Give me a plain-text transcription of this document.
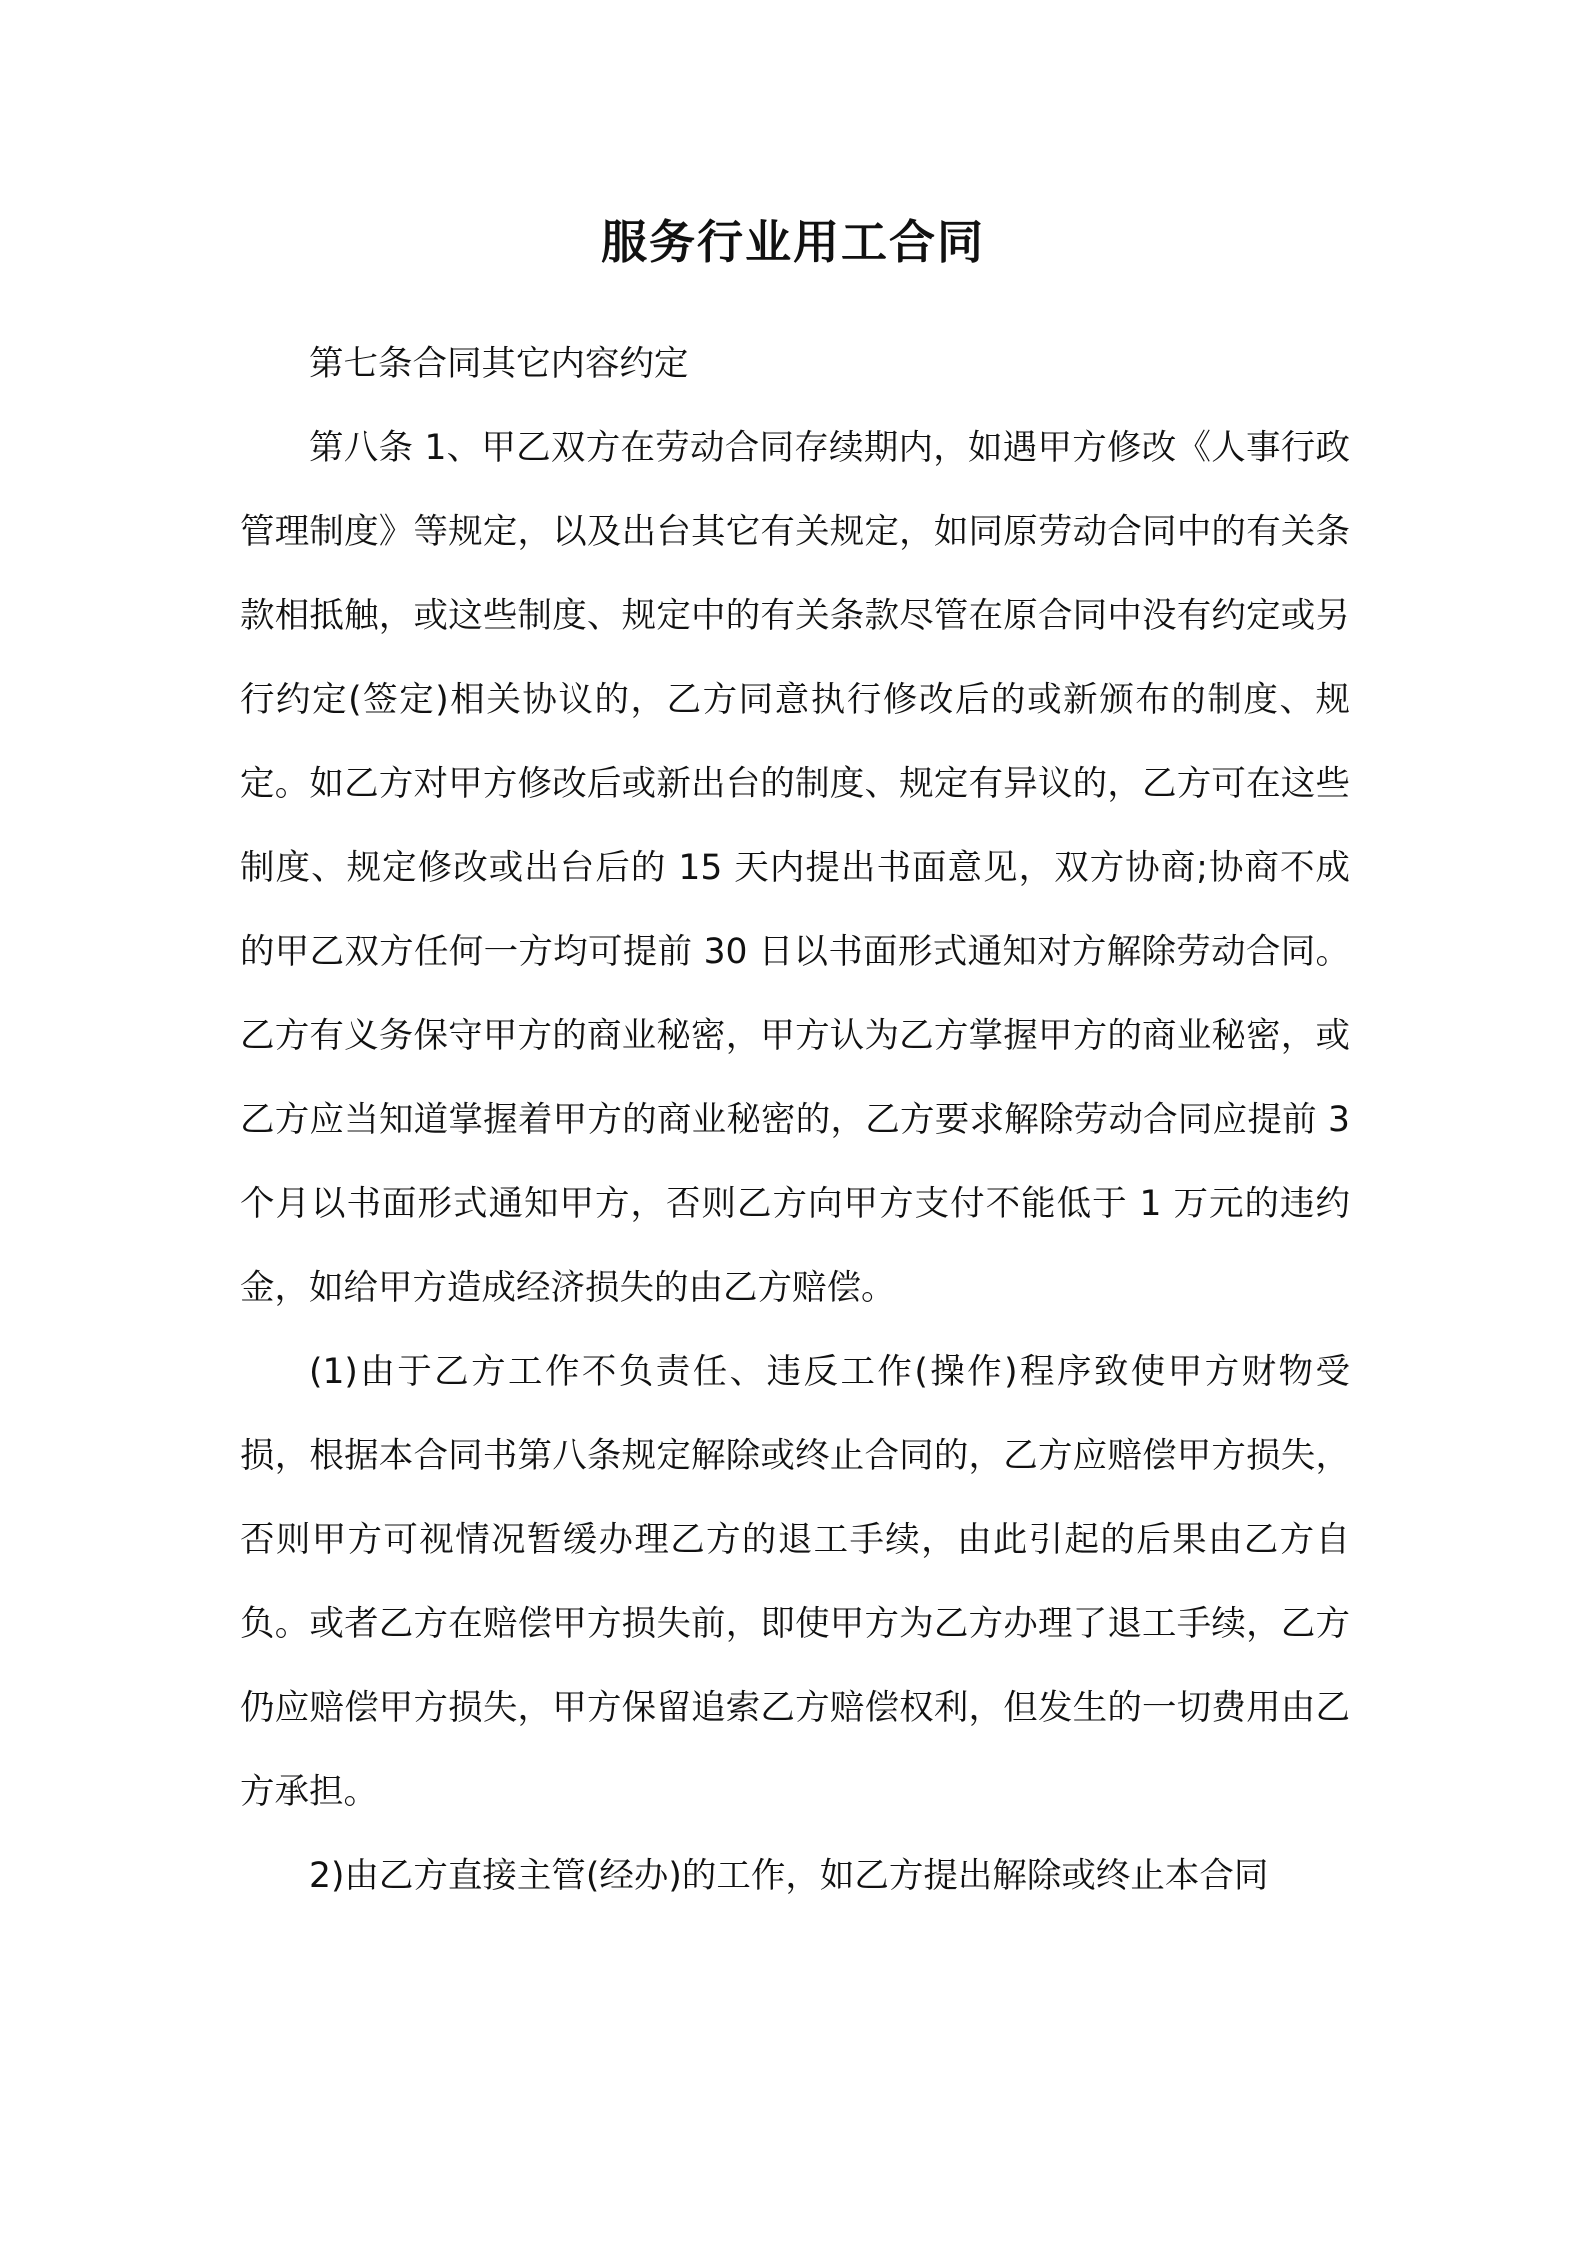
服务行业用工合同

第七条合同其它内容约定

第八条 1、甲乙双方在劳动合同存续期内，如遇甲方修改《人事行政管理制度》等规定，以及出台其它有关规定，如同原劳动合同中的有关条款相抵触，或这些制度、规定中的有关条款尽管在原合同中没有约定或另行约定(签定)相关协议的，乙方同意执行修改后的或新颁布的制度、规定。如乙方对甲方修改后或新出台的制度、规定有异议的，乙方可在这些制度、规定修改或出台后的 15 天内提出书面意见，双方协商;协商不成的甲乙双方任何一方均可提前 30 日以书面形式通知对方解除劳动合同。乙方有义务保守甲方的商业秘密，甲方认为乙方掌握甲方的商业秘密，或乙方应当知道掌握着甲方的商业秘密的，乙方要求解除劳动合同应提前 3 个月以书面形式通知甲方，否则乙方向甲方支付不能低于 1 万元的违约金，如给甲方造成经济损失的由乙方赔偿。

(1)由于乙方工作不负责任、违反工作(操作)程序致使甲方财物受损，根据本合同书第八条规定解除或终止合同的，乙方应赔偿甲方损失，否则甲方可视情况暂缓办理乙方的退工手续，由此引起的后果由乙方自负。或者乙方在赔偿甲方损失前，即使甲方为乙方办理了退工手续，乙方仍应赔偿甲方损失，甲方保留追索乙方赔偿权利，但发生的一切费用由乙方承担。

2)由乙方直接主管(经办)的工作，如乙方提出解除或终止本合同
